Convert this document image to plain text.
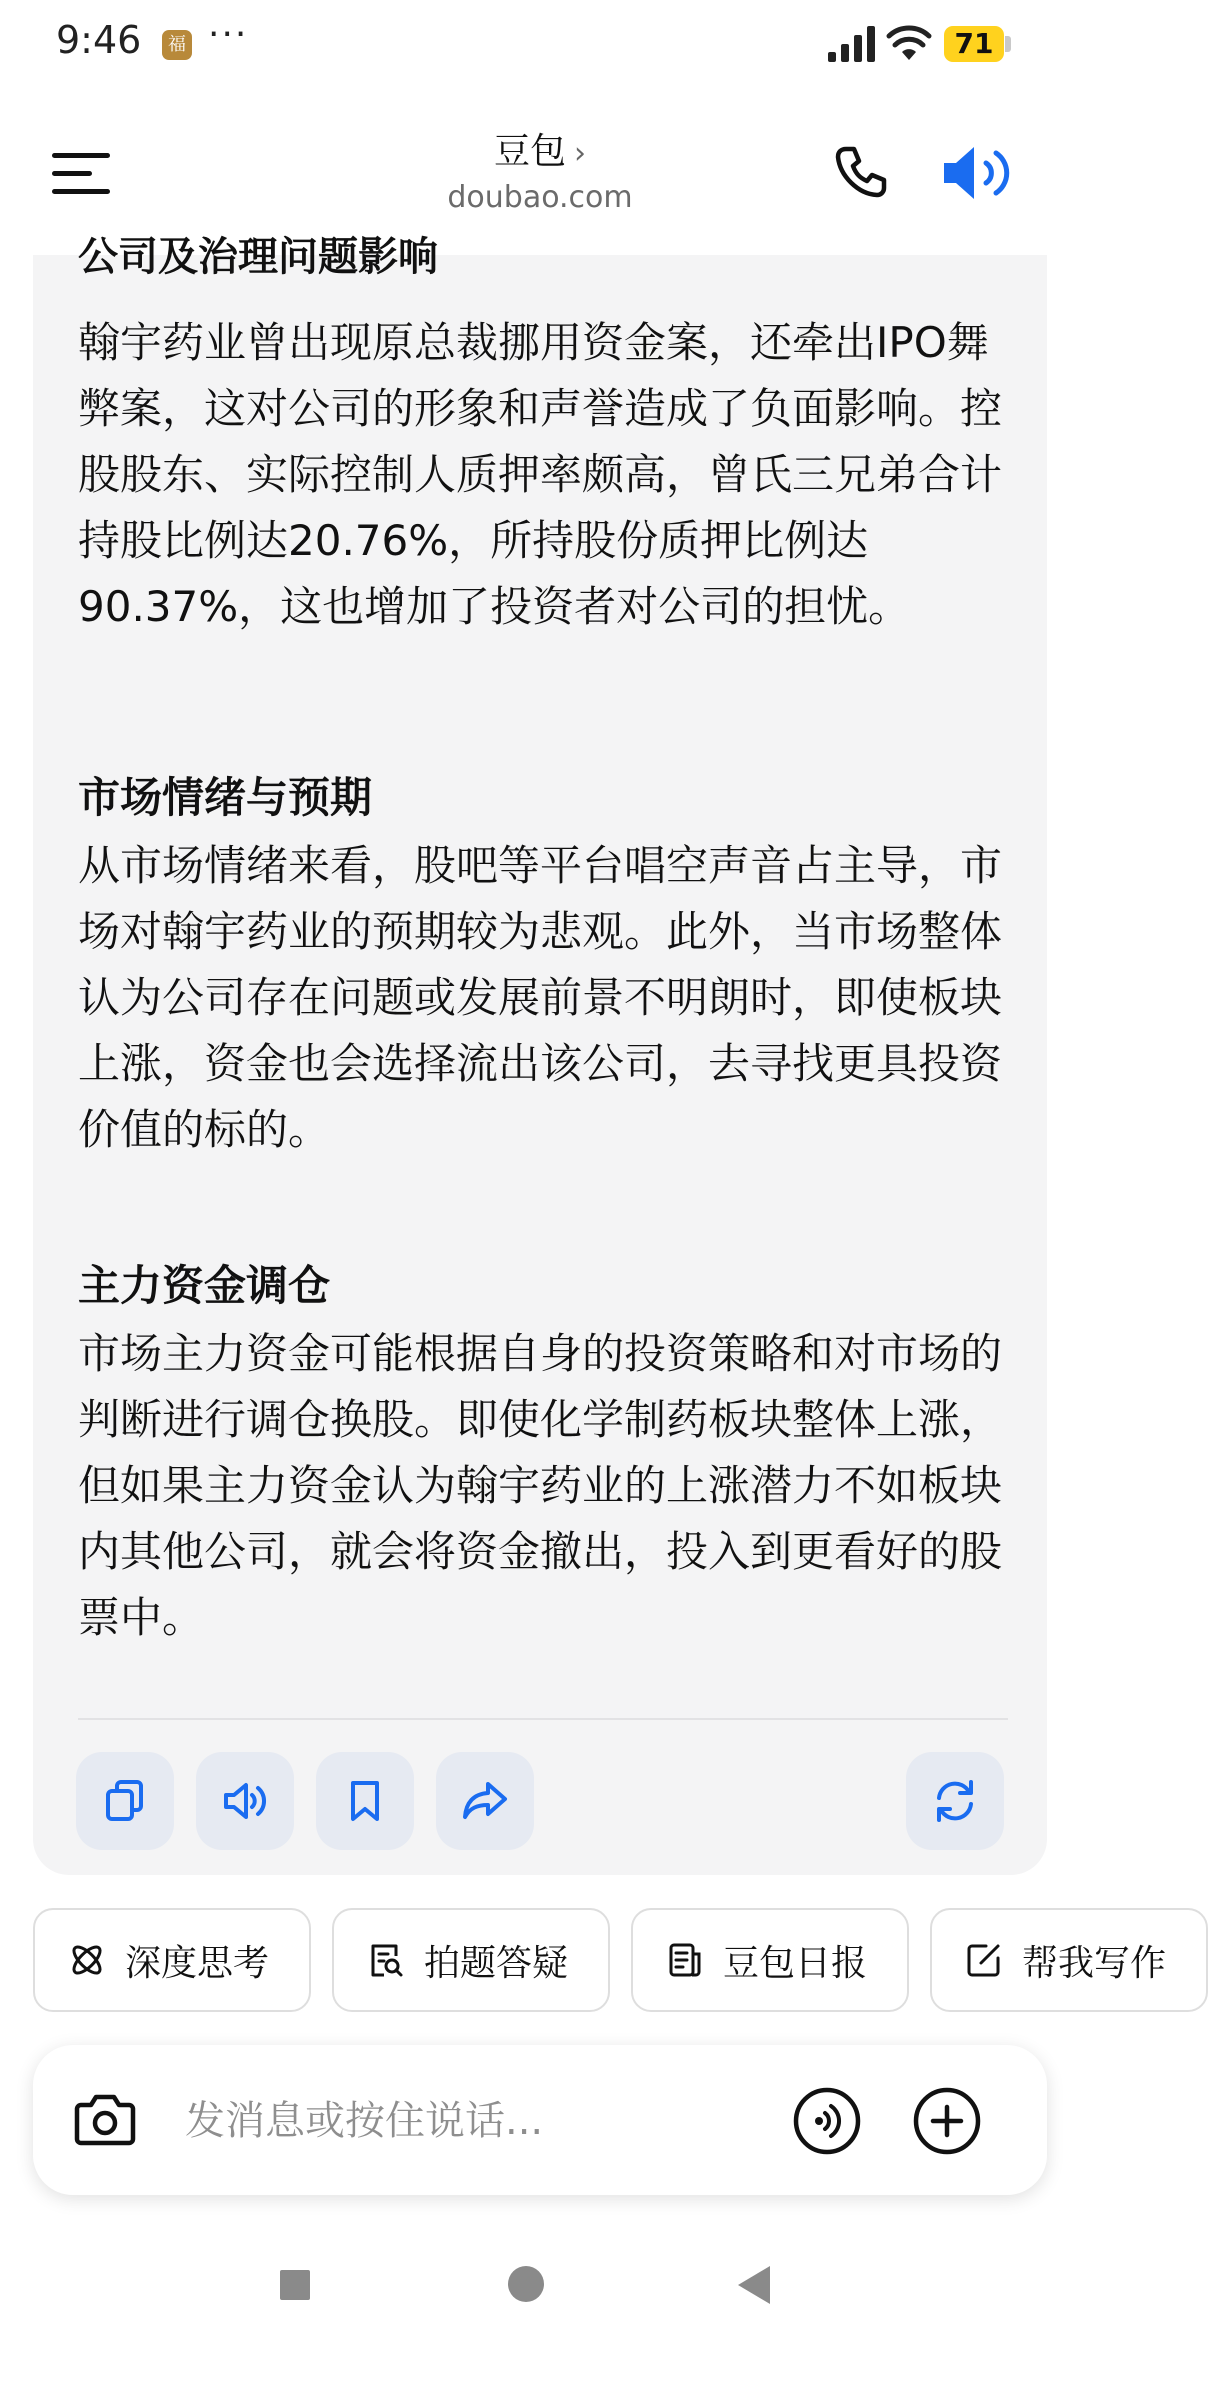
9:46	福 ···	71
豆包 ›
doubao.com
公司及治理问题影响

翰宇药业曾出现原总裁挪用资金案，还牵出IPO舞弊案，这对公司的形象和声誉造成了负面影响。控股股东、实际控制人质押率颇高，曾氏三兄弟合计持股比例达20.76%，所持股份质押比例达90.37%，这也增加了投资者对公司的担忧。

市场情绪与预期

从市场情绪来看，股吧等平台唱空声音占主导，市场对翰宇药业的预期较为悲观。此外，当市场整体认为公司存在问题或发展前景不明朗时，即使板块上涨，资金也会选择流出该公司，去寻找更具投资价值的标的。

主力资金调仓

市场主力资金可能根据自身的投资策略和对市场的判断进行调仓换股。即使化学制药板块整体上涨，但如果主力资金认为翰宇药业的上涨潜力不如板块内其他公司，就会将资金撤出，投入到更看好的股票中。

深度思考	拍题答疑	豆包日报	帮我写作
发消息或按住说话...
